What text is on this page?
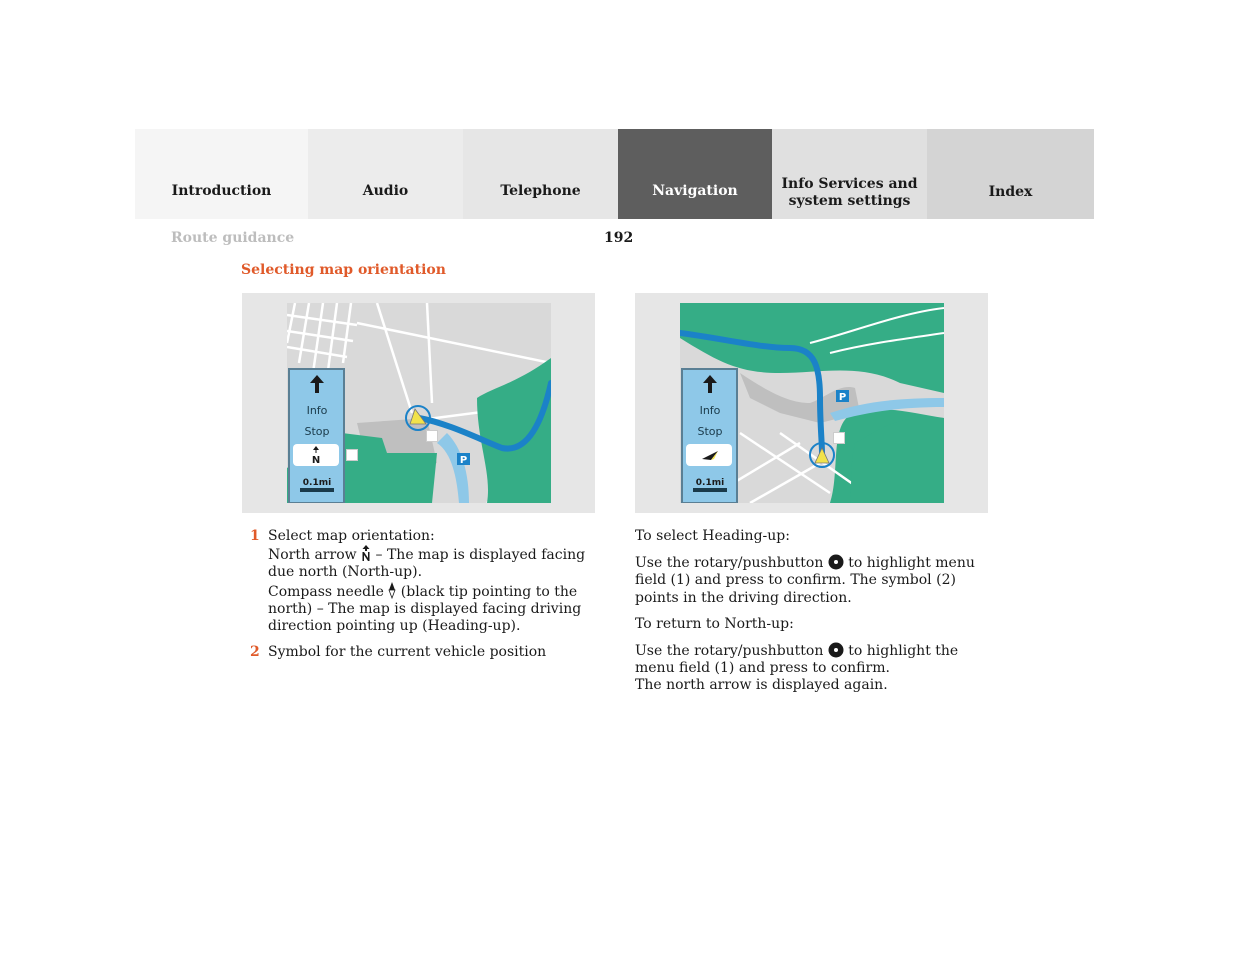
Introduction	Audio	Telephone	Navigation	Info Services and
system settings
Index
Route guidance	192
Selecting map orientation
P
Info
Stop
N
0.1mi
P
Info
Stop
0.1mi
1 Select map orientation:
North arrow – The map is displayed facing due north (North-up).
Compass needle (black tip pointing to the north) – The map is displayed facing driving direction pointing up (Heading-up).
2 Symbol for the current vehicle position
To select Heading-up:
Use the rotary/pushbutton to highlight menu field (1) and press to confirm. The symbol (2) points in the driving direction.
To return to North-up:
Use the rotary/pushbutton to highlight the menu field (1) and press to confirm.
The north arrow is displayed again.
